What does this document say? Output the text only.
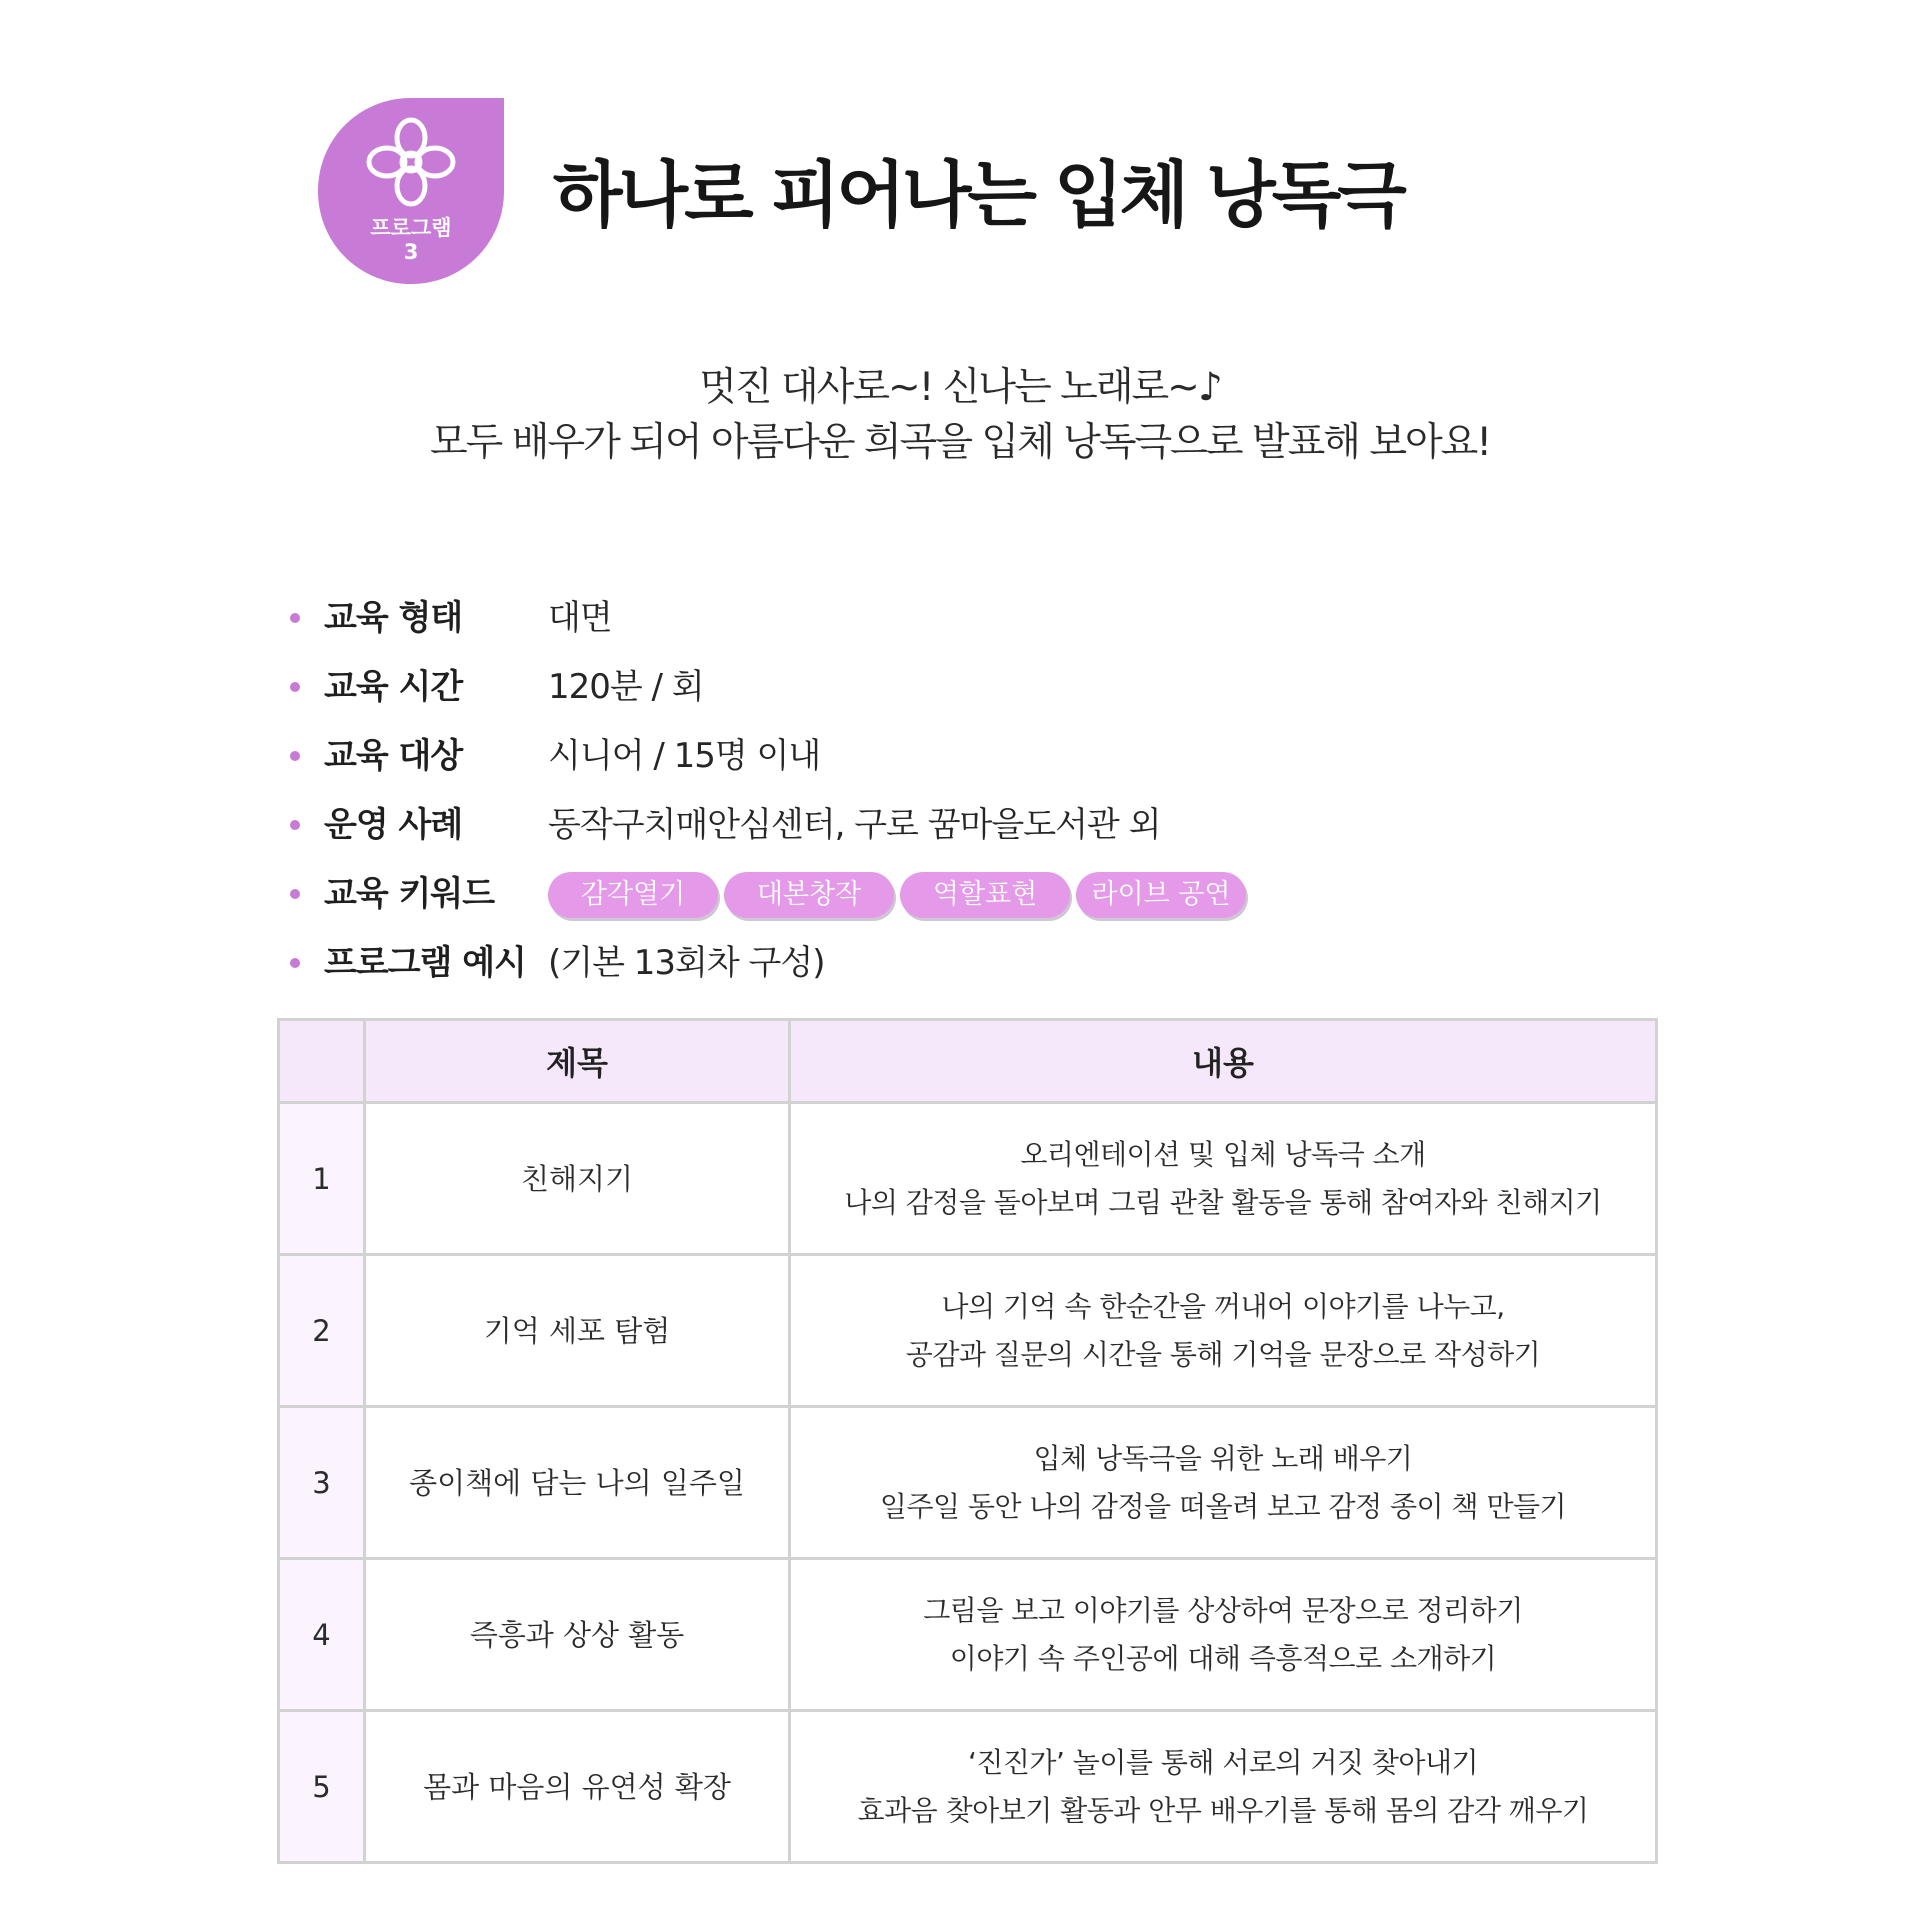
프로그램
3
하나로 피어나는 입체 낭독극
멋진 대사로~! 신나는 노래로~♪
모두 배우가 되어 아름다운 희곡을 입체 낭독극으로 발표해 보아요!
교육 형태	대면
교육 시간	120분 / 회
교육 대상	시니어 / 15명 이내
운영 사례	동작구치매안심센터, 구로 꿈마을도서관 외
교육 키워드	감각열기	대본창작	역할표현	라이브 공연
프로그램 예시 (기본 13회차 구성)
	제목	내용
1	친해지기	오리엔테이션 및 입체 낭독극 소개
나의 감정을 돌아보며 그림 관찰 활동을 통해 참여자와 친해지기

2	기억 세포 탐험	나의 기억 속 한순간을 꺼내어 이야기를 나누고,
공감과 질문의 시간을 통해 기억을 문장으로 작성하기

3	종이책에 담는 나의 일주일	입체 낭독극을 위한 노래 배우기
일주일 동안 나의 감정을 떠올려 보고 감정 종이 책 만들기

4	즉흥과 상상 활동	그림을 보고 이야기를 상상하여 문장으로 정리하기
이야기 속 주인공에 대해 즉흥적으로 소개하기

5	몸과 마음의 유연성 확장	‘진진가’ 놀이를 통해 서로의 거짓 찾아내기
효과음 찾아보기 활동과 안무 배우기를 통해 몸의 감각 깨우기
